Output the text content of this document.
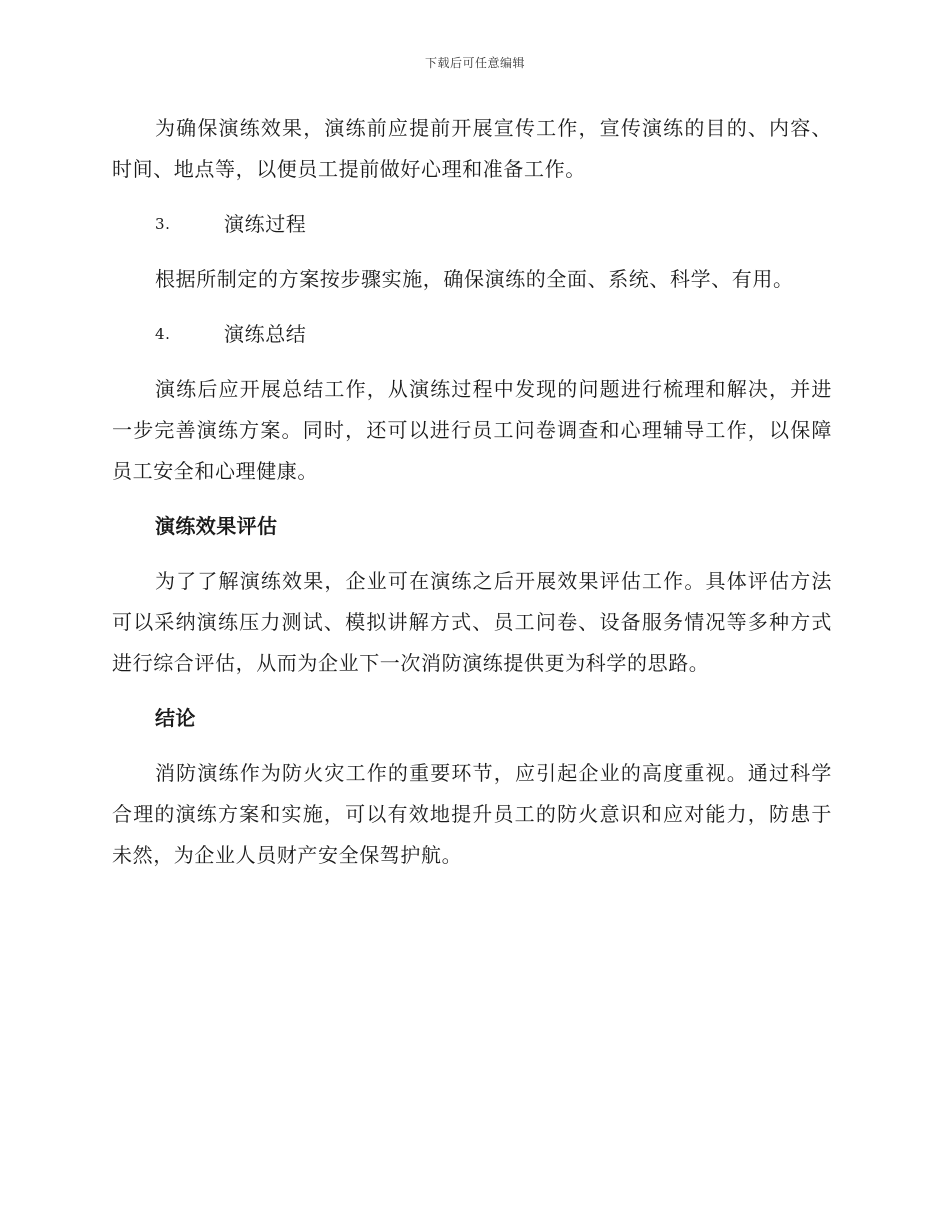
下载后可任意编辑

为确保演练效果，演练前应提前开展宣传工作，宣传演练的目的、内容、时间、地点等，以便员工提前做好心理和准备工作。

3.	演练过程

根据所制定的方案按步骤实施，确保演练的全面、系统、科学、有用。

4.	演练总结

演练后应开展总结工作，从演练过程中发现的问题进行梳理和解决，并进一步完善演练方案。同时，还可以进行员工问卷调查和心理辅导工作，以保障员工安全和心理健康。

演练效果评估

为了了解演练效果，企业可在演练之后开展效果评估工作。具体评估方法可以采纳演练压力测试、模拟讲解方式、员工问卷、设备服务情况等多种方式进行综合评估，从而为企业下一次消防演练提供更为科学的思路。

结论

消防演练作为防火灾工作的重要环节，应引起企业的高度重视。通过科学合理的演练方案和实施，可以有效地提升员工的防火意识和应对能力，防患于未然，为企业人员财产安全保驾护航。
